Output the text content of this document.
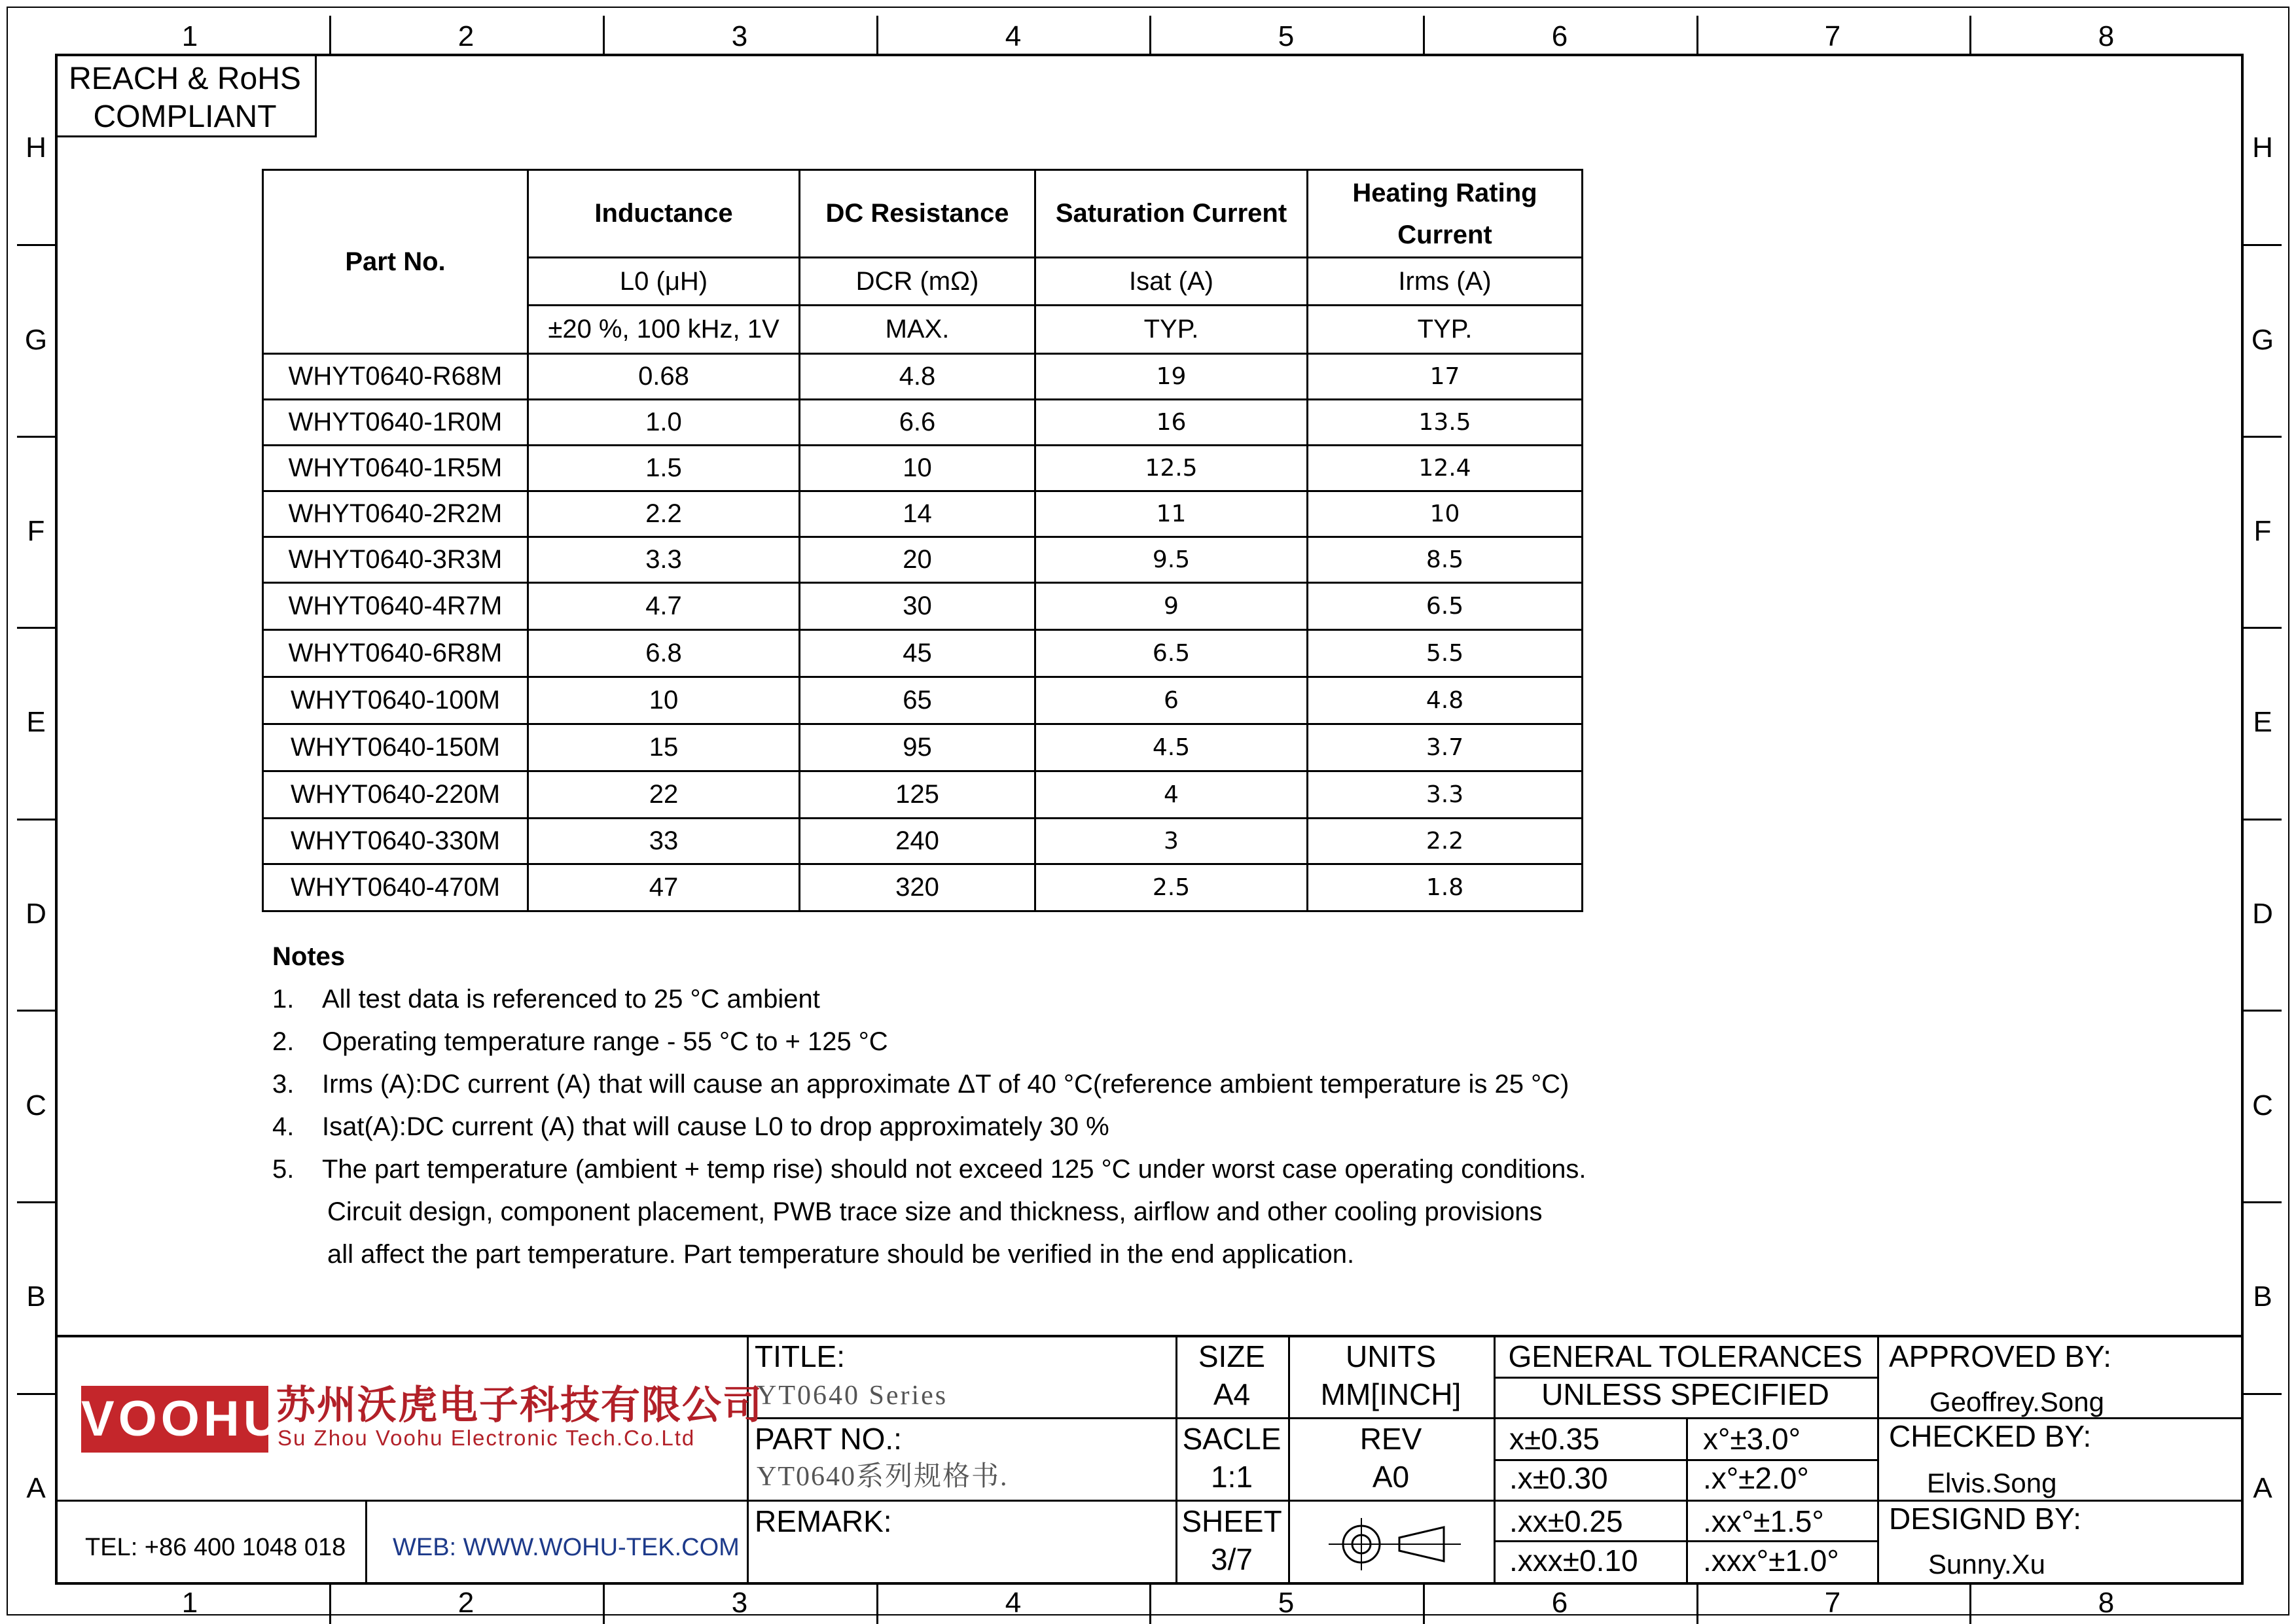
1	2	3	4	5	6	7	8
1	2	3	4	5	6	7	8
H
G
F
E
D
C
B
A
H
G
F
E
D
C
B
A
REACH & RoHS
COMPLIANT
Part No.	Inductance	DC Resistance	Saturation Current	Heating Rating
Current

	L0 (μH)	DCR (mΩ)	Isat (A)	Irms (A)
	±20 %, 100 kHz, 1V	MAX.	TYP.	TYP.
WHYT0640-R68M	0.68	4.8	19	17
WHYT0640-1R0M	1.0	6.6	16	13.5
WHYT0640-1R5M	1.5	10	12.5	12.4
WHYT0640-2R2M	2.2	14	11	10
WHYT0640-3R3M	3.3	20	9.5	8.5
WHYT0640-4R7M	4.7	30	9	6.5
WHYT0640-6R8M	6.8	45	6.5	5.5
WHYT0640-100M	10	65	6	4.8
WHYT0640-150M	15	95	4.5	3.7
WHYT0640-220M	22	125	4	3.3
WHYT0640-330M	33	240	3	2.2
WHYT0640-470M	47	320	2.5	1.8
Notes
1. All test data is referenced to 25 °C ambient
2. Operating temperature range - 55 °C to + 125 °C
3. Irms (A):DC current (A) that will cause an approximate ΔT of 40 °C(reference ambient temperature is 25 °C)
4. Isat(A):DC current (A) that will cause L0 to drop approximately 30 %
5. The part temperature (ambient + temp rise) should not exceed 125 °C under worst case operating conditions.
Circuit design, component placement, PWB trace size and thickness, airflow and other cooling provisions
all affect the part temperature. Part temperature should be verified in the end application.
VOOHU
苏州沃虎电子科技有限公司
Su Zhou Voohu Electronic Tech.Co.Ltd
TEL: +86 400 1048 018 WEB: WWW.WOHU-TEK.COM
TITLE:
YT0640 Series
PART NO.:
YT0640系列规格书.
REMARK:
SIZE
A4
SACLE
1:1
SHEET
3/7
UNITS
MM[INCH]
REV
A0
GENERAL TOLERANCES
UNLESS SPECIFIED
x±0.35	x°±3.0°
.x±0.30	.x°±2.0°
.xx±0.25	.xx°±1.5°
.xxx±0.10 .xxx°±1.0°
APPROVED BY:
Geoffrey.Song
CHECKED BY:
Elvis.Song
DESIGND BY:
Sunny.Xu
